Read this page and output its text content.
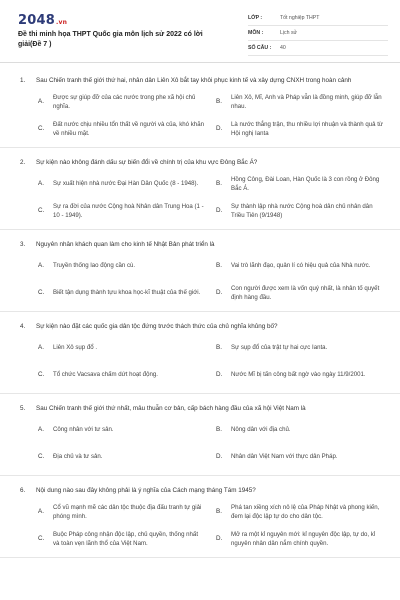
2048.vn
Đề thi minh họa THPT Quốc gia môn lịch sử 2022 có lời giải(Đề 7 )
LỚP :	Tốt nghiệp THPT
MÔN :	Lịch sử
SỐ CÂU :	40
1.	Sau Chiến tranh thế giới thứ hai, nhân dân Liên Xô bắt tay khôi phục kinh tế và xây dựng CNXH trong hoàn cảnh
A.
Được sự giúp đỡ của các nước trong phe xã hội chủ nghĩa.
B.
Liên Xô, Mĩ, Anh và Pháp vẫn là đồng minh, giúp đỡ lẫn nhau.
C.
Đất nước chịu nhiều tổn thất về người và của, khó khăn về nhiều mặt.
D.
Là nước thắng trận, thu nhiều lợi nhuận và thành quả từ Hội nghị Ianta
2.	Sự kiện nào không đánh dấu sự biến đổi về chính trị của khu vực Đông Bắc Á?
A.	Sự xuất hiện nhà nước Đại Hàn Dân Quốc (8 - 1948).	B.
Hồng Công, Đài Loan, Hàn Quốc là 3 con rồng ở Đông Bắc Á.
C.
Sự ra đời của nước Cộng hoà Nhân dân Trung Hoa (1 - 10 - 1949).
D.
Sự thành lập nhà nước Cộng hoà dân chủ nhân dân Triều Tiên (9/1948)
3.	Nguyên nhân khách quan làm cho kinh tế Nhật Bản phát triển là
A.	Truyền thống lao động cần cù.	B.	Vai trò lãnh đạo, quản lí có hiệu quả của Nhà nước.
C.	Biết tận dụng thành tựu khoa học-kĩ thuật của thế giới.	D.
Con người được xem là vốn quý nhất, là nhân tố quyết định hàng đầu.
4.	Sự kiện nào đặt các quốc gia dân tộc đứng trước thách thức của chủ nghĩa khủng bố?
A.	Liên Xô sụp đổ .	B.	Sự sụp đổ của trật tự hai cực Ianta.
C.	Tổ chức Vacsava chấm dứt hoạt động.	D.	Nước Mĩ bị tấn công bất ngờ vào ngày 11/9/2001.
5.	Sau Chiến tranh thế giới thứ nhất, mâu thuẫn cơ bản, cấp bách hàng đầu của xã hội Việt Nam là
A.	Công nhân với tư sản.	B.	Nông dân với địa chủ.
C.	Địa chủ và tư sản.	D.	Nhân dân Việt Nam với thực dân Pháp.
6.	Nội dung nào sau đây không phải là ý nghĩa của Cách mạng tháng Tám 1945?
A.
Cổ vũ mạnh mẽ các dân tộc thuộc địa đấu tranh tự giải phóng mình.
B.
Phá tan xiềng xích nô lệ của Pháp Nhật và phong kiến, đem lại độc lập tự do cho dân tộc.
C.
Buộc Pháp công nhận độc lập, chủ quyền, thống nhất và toàn vẹn lãnh thổ của Việt Nam.
D.
Mở ra một kỉ nguyên mới: kỉ nguyên độc lập, tự do, kỉ nguyên nhân dân nắm chính quyền.
